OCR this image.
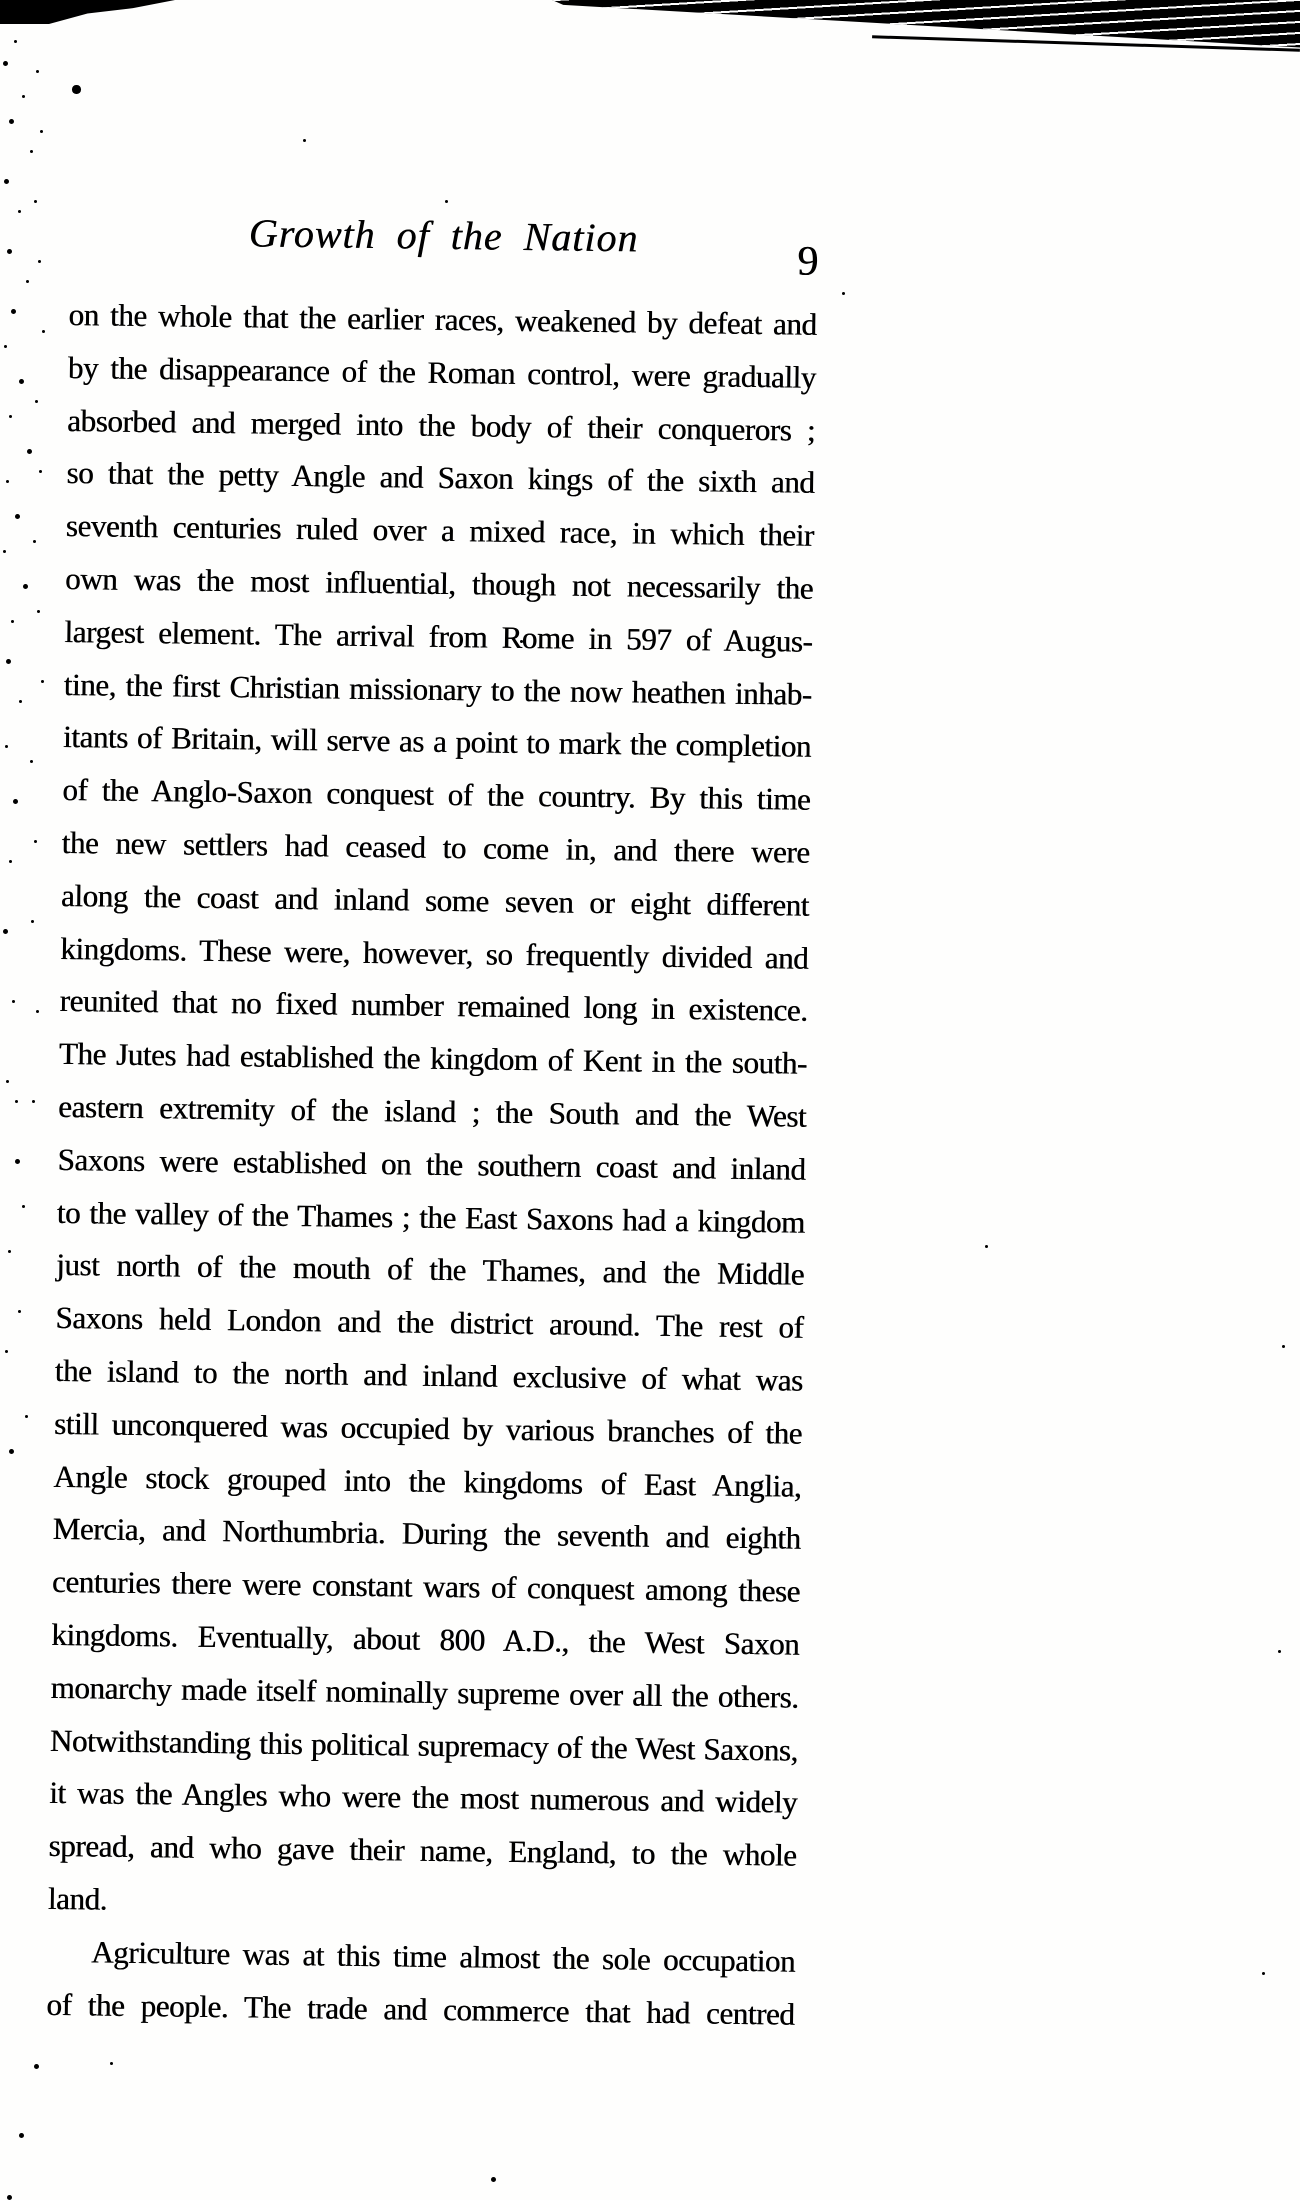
Growth of the Nation
9
on the whole that the earlier races, weakened by defeat and
by the disappearance of the Roman control, were gradually
absorbed and merged into the body of their conquerors ;
so that the petty Angle and Saxon kings of the sixth and
seventh centuries ruled over a mixed race, in which their
own was the most influential, though not necessarily the
largest element. The arrival from Rome in 597 of Augus-
tine, the first Christian missionary to the now heathen inhab-
itants of Britain, will serve as a point to mark the completion
of the Anglo-Saxon conquest of the country. By this time
the new settlers had ceased to come in, and there were
along the coast and inland some seven or eight different
kingdoms. These were, however, so frequently divided and
reunited that no fixed number remained long in existence.
The Jutes had established the kingdom of Kent in the south-
eastern extremity of the island ; the South and the West
Saxons were established on the southern coast and inland
to the valley of the Thames ; the East Saxons had a kingdom
just north of the mouth of the Thames, and the Middle
Saxons held London and the district around. The rest of
the island to the north and inland exclusive of what was
still unconquered was occupied by various branches of the
Angle stock grouped into the kingdoms of East Anglia,
Mercia, and Northumbria. During the seventh and eighth
centuries there were constant wars of conquest among these
kingdoms. Eventually, about 800 A.D., the West Saxon
monarchy made itself nominally supreme over all the others.
Notwithstanding this political supremacy of the West Saxons,
it was the Angles who were the most numerous and widely
spread, and who gave their name, England, to the whole
land.
Agriculture was at this time almost the sole occupation
of the people. The trade and commerce that had centred
